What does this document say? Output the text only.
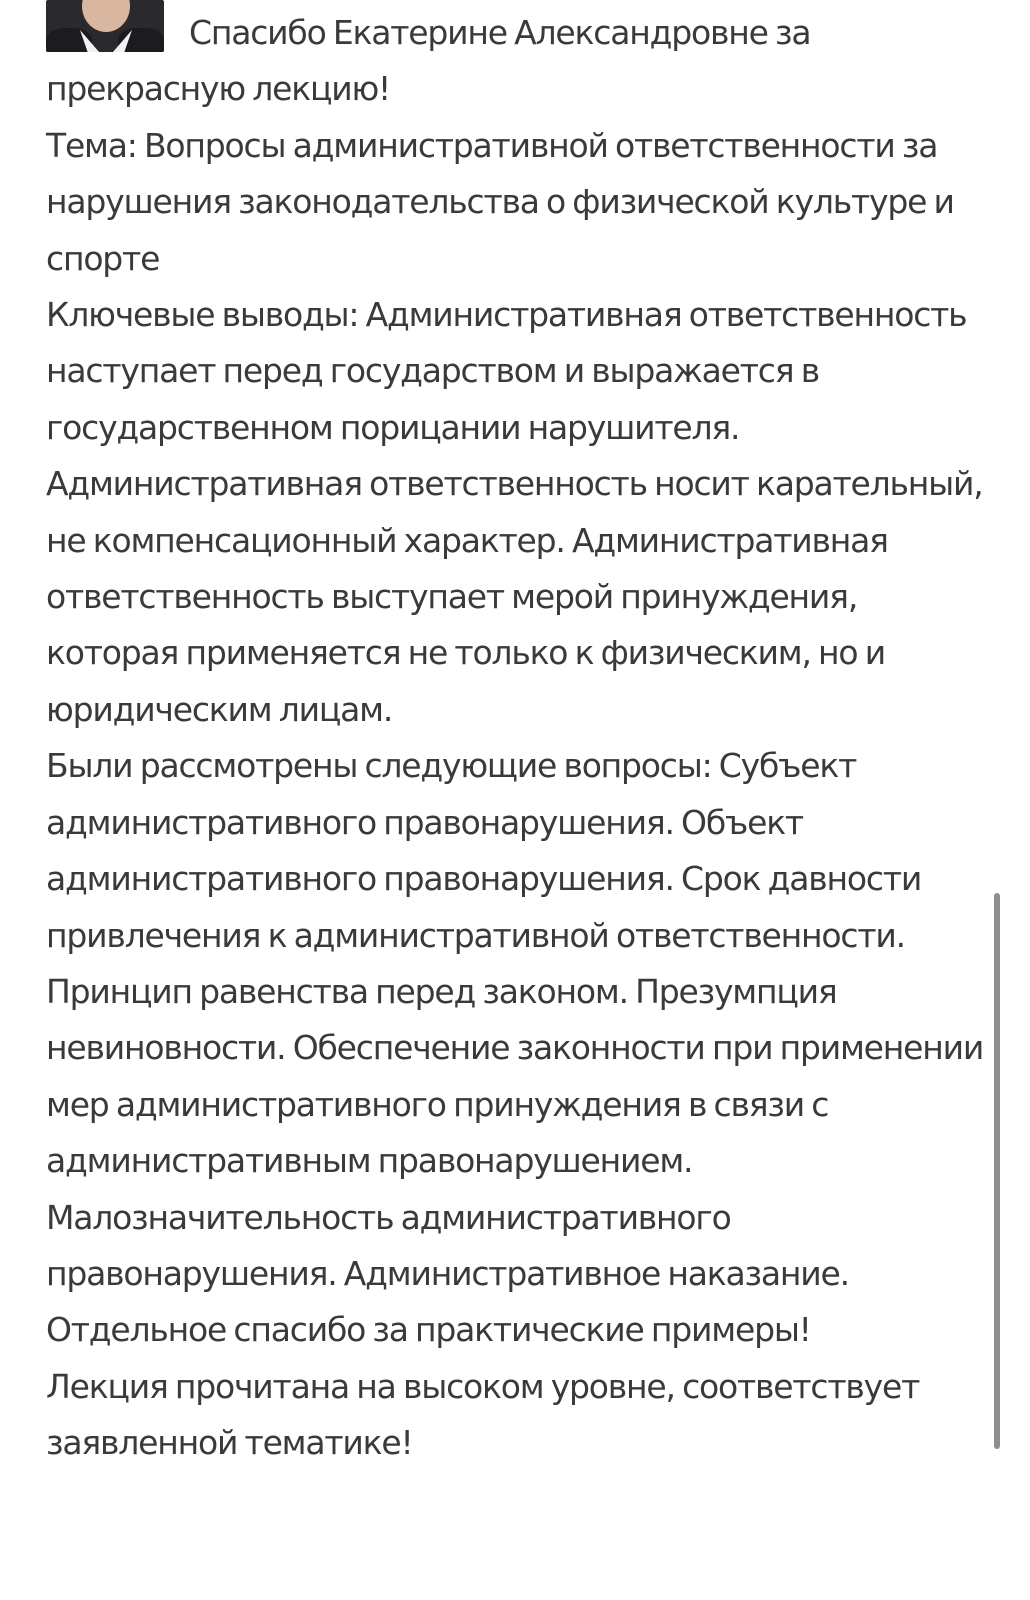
Спасибо Екатерине Александровне за прекрасную лекцию!
Тема: Вопросы административной ответственности за нарушения законодательства о физической культуре и спорте
Ключевые выводы: Административная ответственность наступает перед государством и выражается в государственном порицании нарушителя. Административная ответственность носит карательный, не компенсационный характер. Административная ответственность выступает мерой принуждения, которая применяется не только к физическим, но и юридическим лицам.
Были рассмотрены следующие вопросы: Субъект административного правонарушения. Объект административного правонарушения. Срок давности привлечения к административной ответственности. Принцип равенства перед законом. Презумпция невиновности. Обеспечение законности при применении мер административного принуждения в связи с административным правонарушением. Малозначительность административного правонарушения. Административное наказание.
Отдельное спасибо за практические примеры!
Лекция прочитана на высоком уровне, соответствует заявленной тематике!
